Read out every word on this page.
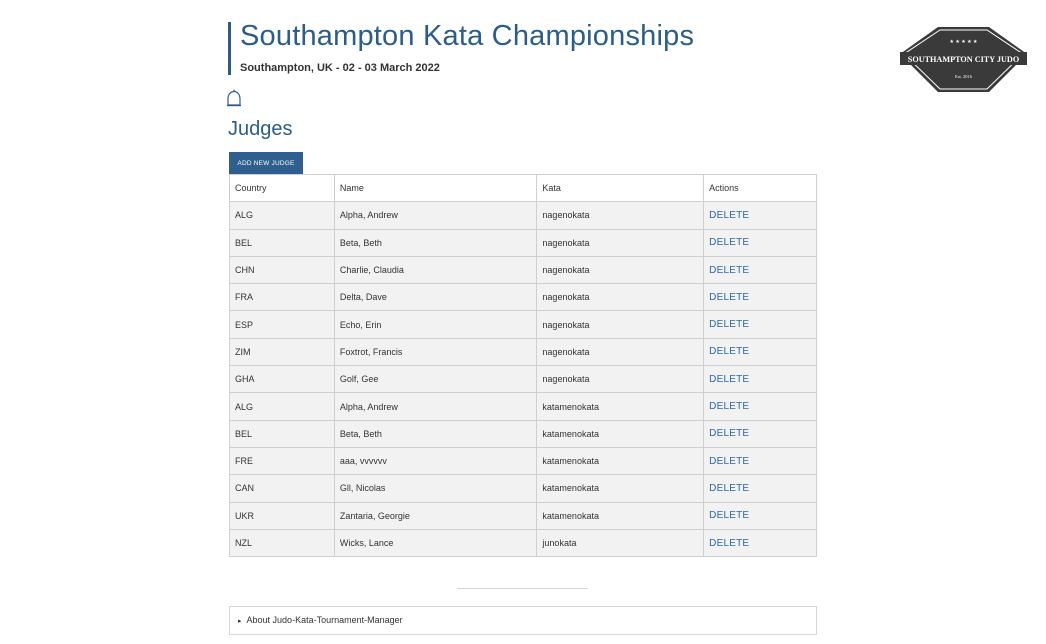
Southampton Kata Championships
Southampton, UK - 02 - 03 March 2022
★ ★ ★ ★ ★
SOUTHAMPTON CITY JUDO
Est. 2016
Judges
ADD NEW JUDGE
Country	Name	Kata	Actions
ALG	Alpha, Andrew	nagenokata	DELETE
BEL	Beta, Beth	nagenokata	DELETE
CHN	Charlie, Claudia	nagenokata	DELETE
FRA	Delta, Dave	nagenokata	DELETE
ESP	Echo, Erin	nagenokata	DELETE
ZIM	Foxtrot, Francis	nagenokata	DELETE
GHA	Golf, Gee	nagenokata	DELETE
ALG	Alpha, Andrew	katamenokata	DELETE
BEL	Beta, Beth	katamenokata	DELETE
FRE	aaa, vvvvvv	katamenokata	DELETE
CAN	Gll, Nicolas	katamenokata	DELETE
UKR	Zantaria, Georgie	katamenokata	DELETE
NZL	Wicks, Lance	junokata	DELETE
▸ About Judo-Kata-Tournament-Manager
